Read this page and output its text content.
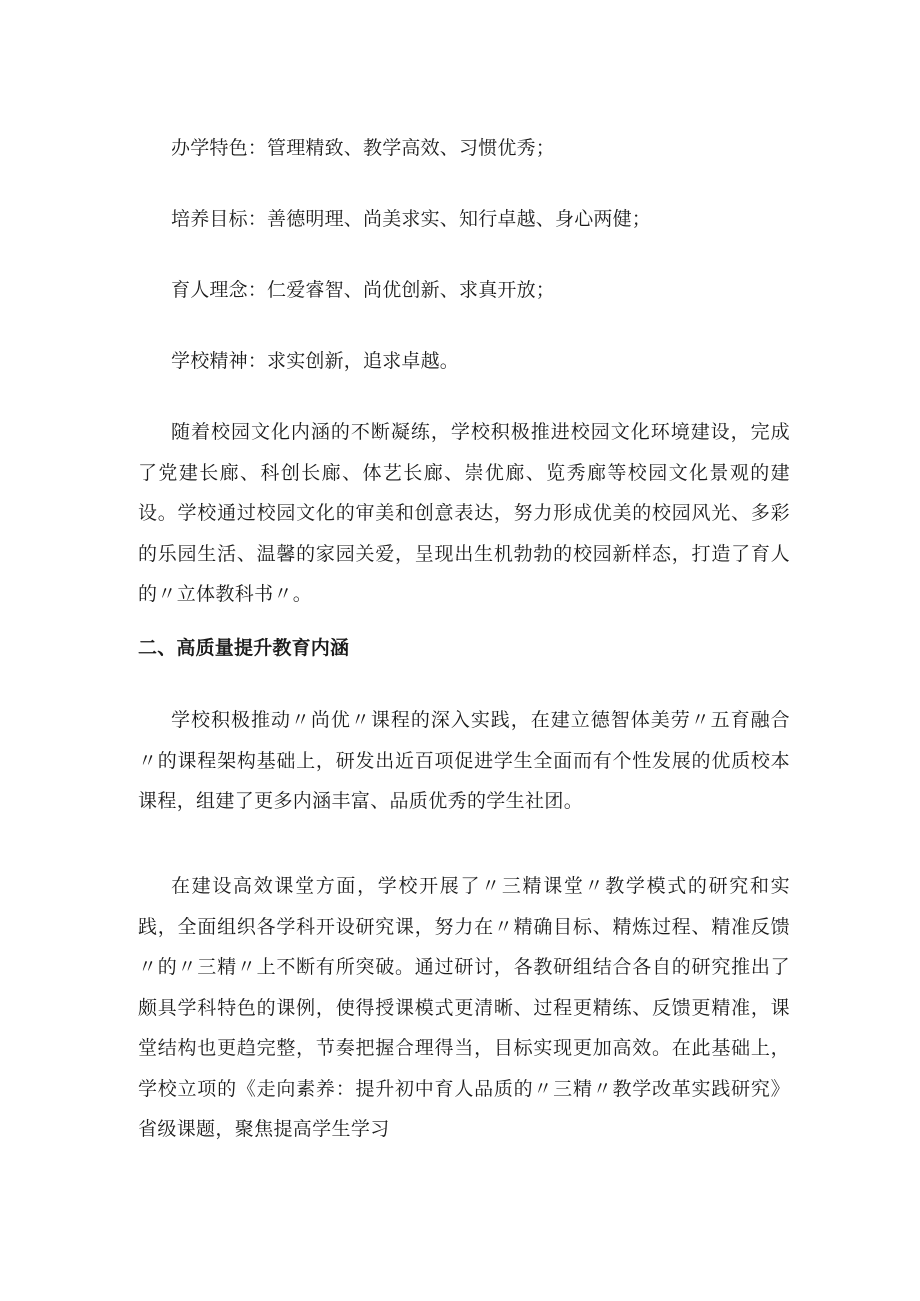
办学特色：管理精致、教学高效、习惯优秀；
培养目标：善德明理、尚美求实、知行卓越、身心两健；
育人理念：仁爱睿智、尚优创新、求真开放；
学校精神：求实创新，追求卓越。
随着校园文化内涵的不断凝练，学校积极推进校园文化环境建设，完成了党建长廊、科创长廊、体艺长廊、崇优廊、览秀廊等校园文化景观的建设。学校通过校园文化的审美和创意表达，努力形成优美的校园风光、多彩的乐园生活、温馨的家园关爱，呈现出生机勃勃的校园新样态，打造了育人的〃立体教科书〃。
二、高质量提升教育内涵
学校积极推动〃尚优〃课程的深入实践，在建立德智体美劳〃五育融合〃的课程架构基础上，研发出近百项促进学生全面而有个性发展的优质校本课程，组建了更多内涵丰富、品质优秀的学生社团。
在建设高效课堂方面，学校开展了〃三精课堂〃教学模式的研究和实践，全面组织各学科开设研究课，努力在〃精确目标、精炼过程、精准反馈〃的〃三精〃上不断有所突破。通过研讨，各教研组结合各自的研究推出了颇具学科特色的课例，使得授课模式更清晰、过程更精练、反馈更精准，课堂结构也更趋完整，节奏把握合理得当，目标实现更加高效。在此基础上，学校立项的《走向素养：提升初中育人品质的〃三精〃教学改革实践研究》省级课题，聚焦提高学生学习
